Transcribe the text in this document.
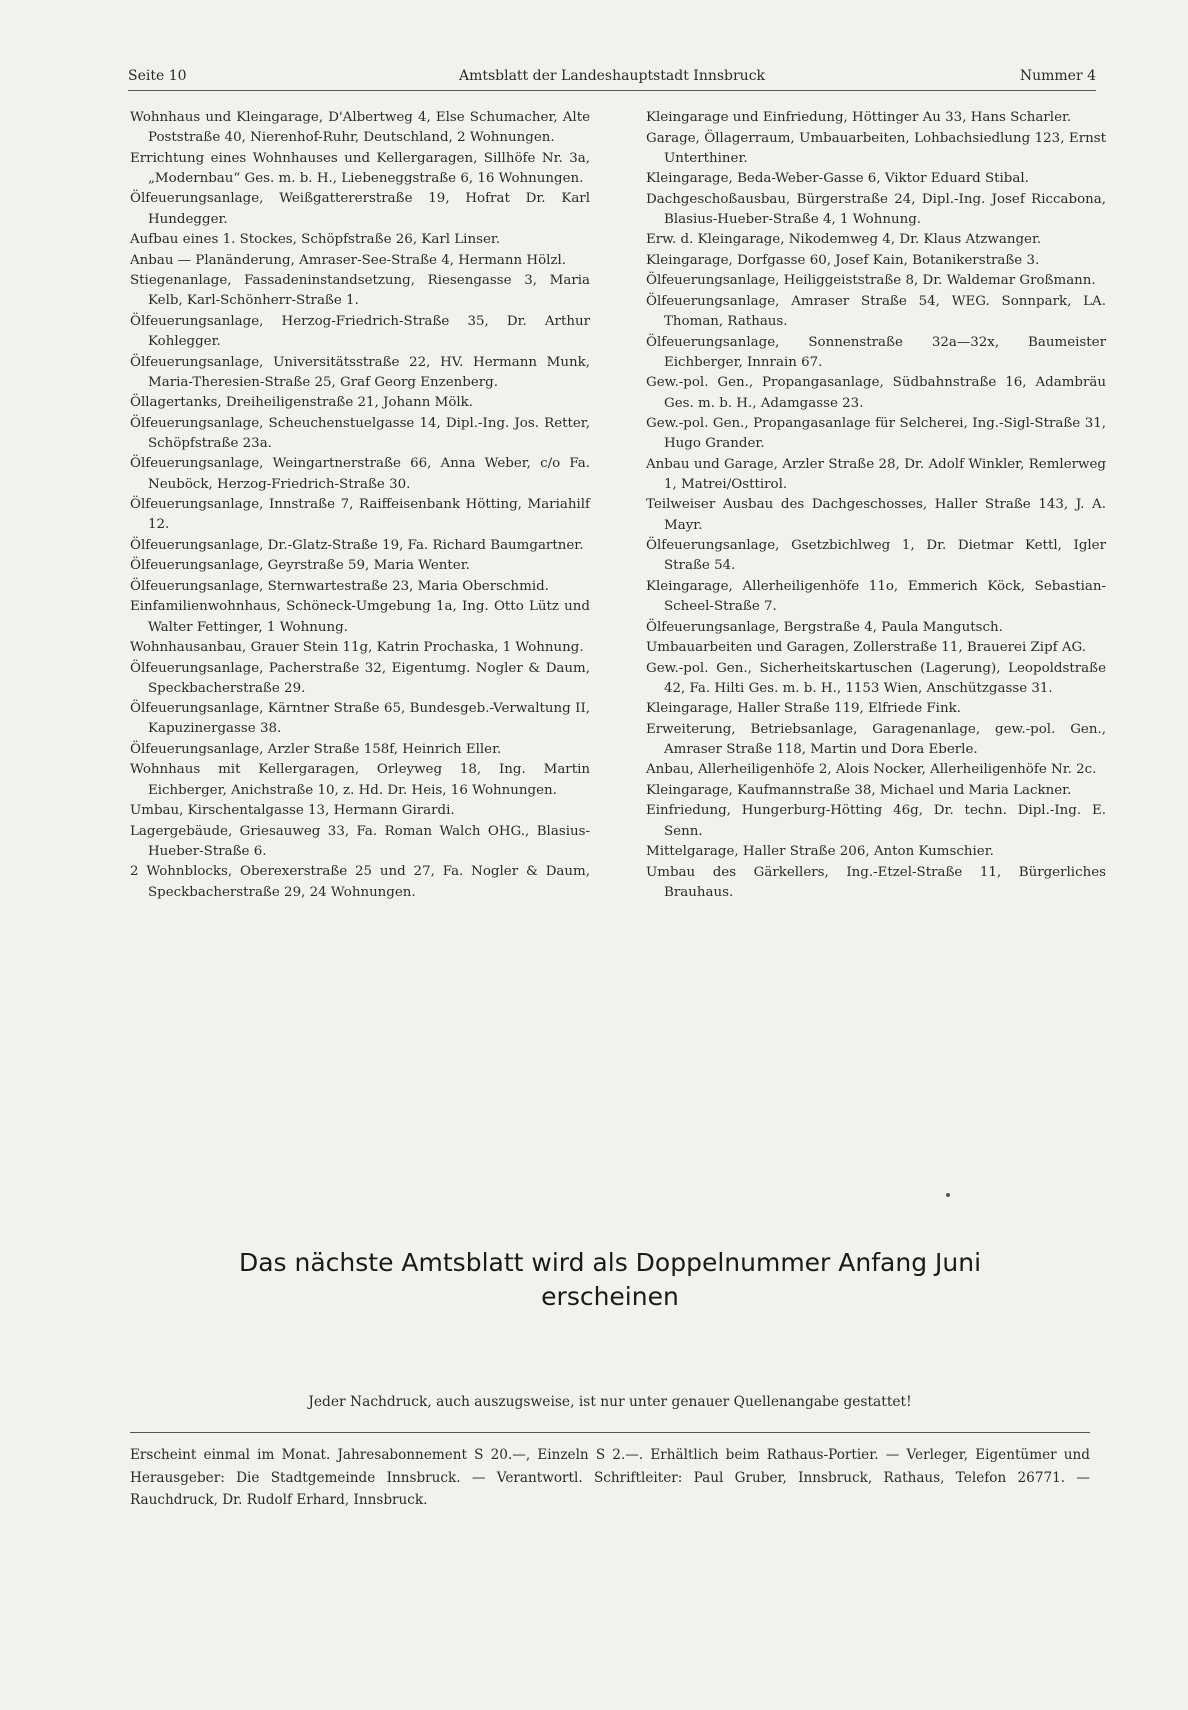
Seite 10	Amtsblatt der Landeshauptstadt Innsbruck	Nummer 4

Wohnhaus und Kleingarage, D'Albertweg 4, Else Schumacher, Alte Poststraße 40, Nierenhof-Ruhr, Deutschland, 2 Wohnungen.

Errichtung eines Wohnhauses und Kellergaragen, Sillhöfe Nr. 3a, „Modernbau“ Ges. m. b. H., Liebeneggstraße 6, 16 Wohnungen.

Ölfeuerungsanlage, Weißgattererstraße 19, Hofrat Dr. Karl Hundegger.

Aufbau eines 1. Stockes, Schöpfstraße 26, Karl Linser.

Anbau — Planänderung, Amraser-See-Straße 4, Hermann Hölzl.

Stiegenanlage, Fassadeninstandsetzung, Riesengasse 3, Maria Kelb, Karl-Schönherr-Straße 1.

Ölfeuerungsanlage, Herzog-Friedrich-Straße 35, Dr. Arthur Kohlegger.

Ölfeuerungsanlage, Universitätsstraße 22, HV. Hermann Munk, Maria-Theresien-Straße 25, Graf Georg Enzenberg.

Öllagertanks, Dreiheiligenstraße 21, Johann Mölk.

Ölfeuerungsanlage, Scheuchenstuelgasse 14, Dipl.-Ing. Jos. Retter, Schöpfstraße 23a.

Ölfeuerungsanlage, Weingartnerstraße 66, Anna Weber, c/o Fa. Neuböck, Herzog-Friedrich-Straße 30.

Ölfeuerungsanlage, Innstraße 7, Raiffeisenbank Hötting, Mariahilf 12.

Ölfeuerungsanlage, Dr.-Glatz-Straße 19, Fa. Richard Baumgartner.

Ölfeuerungsanlage, Geyrstraße 59, Maria Wenter.

Ölfeuerungsanlage, Sternwartestraße 23, Maria Oberschmid.

Einfamilienwohnhaus, Schöneck-Umgebung 1a, Ing. Otto Lütz und Walter Fettinger, 1 Wohnung.

Wohnhausanbau, Grauer Stein 11g, Katrin Prochaska, 1 Wohnung.

Ölfeuerungsanlage, Pacherstraße 32, Eigentumg. Nogler & Daum, Speckbacherstraße 29.

Ölfeuerungsanlage, Kärntner Straße 65, Bundesgeb.-Verwaltung II, Kapuzinergasse 38.

Ölfeuerungsanlage, Arzler Straße 158f, Heinrich Eller.

Wohnhaus mit Kellergaragen, Orleyweg 18, Ing. Martin Eichberger, Anichstraße 10, z. Hd. Dr. Heis, 16 Wohnungen.

Umbau, Kirschentalgasse 13, Hermann Girardi.

Lagergebäude, Griesauweg 33, Fa. Roman Walch OHG., Blasius-Hueber-Straße 6.

2 Wohnblocks, Oberexerstraße 25 und 27, Fa. Nogler & Daum, Speckbacherstraße 29, 24 Wohnungen.

Kleingarage und Einfriedung, Höttinger Au 33, Hans Scharler.

Garage, Öllagerraum, Umbauarbeiten, Lohbachsiedlung 123, Ernst Unterthiner.

Kleingarage, Beda-Weber-Gasse 6, Viktor Eduard Stibal.

Dachgeschoßausbau, Bürgerstraße 24, Dipl.-Ing. Josef Riccabona, Blasius-Hueber-Straße 4, 1 Wohnung.

Erw. d. Kleingarage, Nikodemweg 4, Dr. Klaus Atzwanger.

Kleingarage, Dorfgasse 60, Josef Kain, Botanikerstraße 3.

Ölfeuerungsanlage, Heiliggeiststraße 8, Dr. Waldemar Großmann.

Ölfeuerungsanlage, Amraser Straße 54, WEG. Sonnpark, LA. Thoman, Rathaus.

Ölfeuerungsanlage, Sonnenstraße 32a—32x, Baumeister Eichberger, Innrain 67.

Gew.-pol. Gen., Propangasanlage, Südbahnstraße 16, Adambräu Ges. m. b. H., Adamgasse 23.

Gew.-pol. Gen., Propangasanlage für Selcherei, Ing.-Sigl-Straße 31, Hugo Grander.

Anbau und Garage, Arzler Straße 28, Dr. Adolf Winkler, Remlerweg 1, Matrei/Osttirol.

Teilweiser Ausbau des Dachgeschosses, Haller Straße 143, J. A. Mayr.

Ölfeuerungsanlage, Gsetzbichlweg 1, Dr. Dietmar Kettl, Igler Straße 54.

Kleingarage, Allerheiligenhöfe 11o, Emmerich Köck, Sebastian-Scheel-Straße 7.

Ölfeuerungsanlage, Bergstraße 4, Paula Mangutsch.

Umbauarbeiten und Garagen, Zollerstraße 11, Brauerei Zipf AG.

Gew.-pol. Gen., Sicherheitskartuschen (Lagerung), Leopoldstraße 42, Fa. Hilti Ges. m. b. H., 1153 Wien, Anschützgasse 31.

Kleingarage, Haller Straße 119, Elfriede Fink.

Erweiterung, Betriebsanlage, Garagenanlage, gew.-pol. Gen., Amraser Straße 118, Martin und Dora Eberle.

Anbau, Allerheiligenhöfe 2, Alois Nocker, Allerheiligenhöfe Nr. 2c.

Kleingarage, Kaufmannstraße 38, Michael und Maria Lackner.

Einfriedung, Hungerburg-Hötting 46g, Dr. techn. Dipl.-Ing. E. Senn.

Mittelgarage, Haller Straße 206, Anton Kumschier.

Umbau des Gärkellers, Ing.-Etzel-Straße 11, Bürgerliches Brauhaus.

Das nächste Amtsblatt wird als Doppelnummer Anfang Juni
erscheinen
Jeder Nachdruck, auch auszugsweise, ist nur unter genauer Quellenangabe gestattet!
Erscheint einmal im Monat. Jahresabonnement S 20.—, Einzeln S 2.—. Erhältlich beim Rathaus-Portier. — Verleger, Eigentümer und Herausgeber: Die Stadtgemeinde Innsbruck. — Verantwortl. Schriftleiter: Paul Gruber, Innsbruck, Rathaus, Telefon 26771. — Rauchdruck, Dr. Rudolf Erhard, Innsbruck.
